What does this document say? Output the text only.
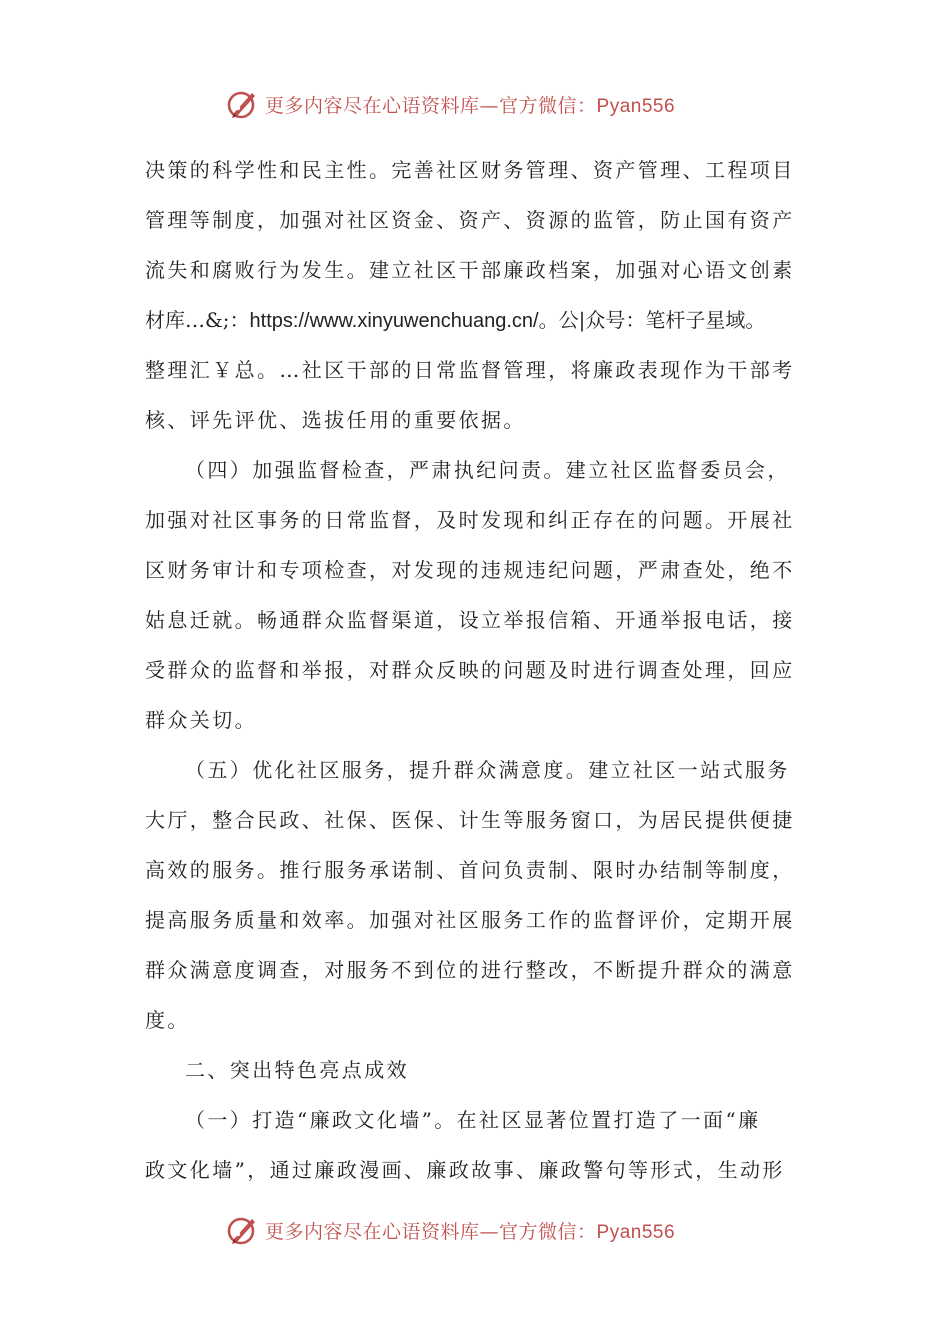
更多内容尽在心语资料库—官方微信：Pyan556
决策的科学性和民主性。完善社区财务管理、资产管理、工程项目
管理等制度，加强对社区资金、资产、资源的监管，防止国有资产
流失和腐败行为发生。建立社区干部廉政档案，加强对心语文创素
材库…&;：https://www.xinyuwenchuang.cn/。公|众号：笔杆子星域。
整理汇￥总。…社区干部的日常监督管理，将廉政表现作为干部考
核、评先评优、选拔任用的重要依据。
（四）加强监督检查，严肃执纪问责。建立社区监督委员会，
加强对社区事务的日常监督，及时发现和纠正存在的问题。开展社
区财务审计和专项检查，对发现的违规违纪问题，严肃查处，绝不
姑息迁就。畅通群众监督渠道，设立举报信箱、开通举报电话，接
受群众的监督和举报，对群众反映的问题及时进行调查处理，回应
群众关切。
（五）优化社区服务，提升群众满意度。建立社区一站式服务
大厅，整合民政、社保、医保、计生等服务窗口，为居民提供便捷
高效的服务。推行服务承诺制、首问负责制、限时办结制等制度，
提高服务质量和效率。加强对社区服务工作的监督评价，定期开展
群众满意度调查，对服务不到位的进行整改，不断提升群众的满意
度。
二、突出特色亮点成效
（一）打造“廉政文化墙”。在社区显著位置打造了一面“廉
政文化墙”，通过廉政漫画、廉政故事、廉政警句等形式，生动形
更多内容尽在心语资料库—官方微信：Pyan556
